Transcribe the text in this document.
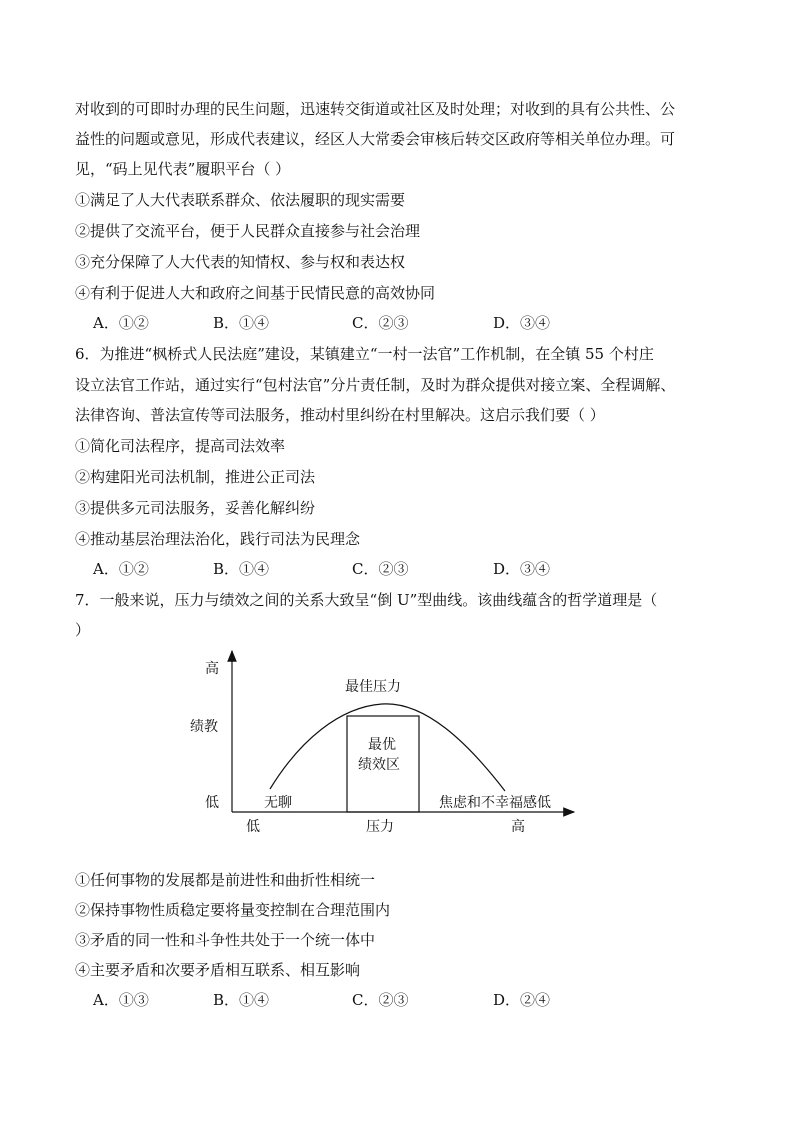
对收到的可即时办理的民生问题，迅速转交街道或社区及时处理；对收到的具有公共性、公
益性的问题或意见，形成代表建议，经区人大常委会审核后转交区政府等相关单位办理。可
见，“码上见代表”履职平台（ ）
①满足了人大代表联系群众、依法履职的现实需要
②提供了交流平台，便于人民群众直接参与社会治理
③充分保障了人大代表的知情权、参与权和表达权
④有利于促进人大和政府之间基于民情民意的高效协同
A．①②	B．①④	C．②③	D．③④
6．为推进“枫桥式人民法庭”建设，某镇建立“一村一法官”工作机制，在全镇 55 个村庄
设立法官工作站，通过实行“包村法官”分片责任制，及时为群众提供对接立案、全程调解、
法律咨询、普法宣传等司法服务，推动村里纠纷在村里解决。这启示我们要（ ）
①简化司法程序，提高司法效率
②构建阳光司法机制，推进公正司法
③提供多元司法服务，妥善化解纠纷
④推动基层治理法治化，践行司法为民理念
A．①②	B．①④	C．②③	D．③④
7．一般来说，压力与绩效之间的关系大致呈“倒 U”型曲线。该曲线蕴含的哲学道理是（
）
高
绩教
低
低	压力	高
最佳压力
最优
绩效区
无聊	焦虑和不幸福感低
①任何事物的发展都是前进性和曲折性相统一
②保持事物性质稳定要将量变控制在合理范围内
③矛盾的同一性和斗争性共处于一个统一体中
④主要矛盾和次要矛盾相互联系、相互影响
A．①③	B．①④	C．②③	D．②④
